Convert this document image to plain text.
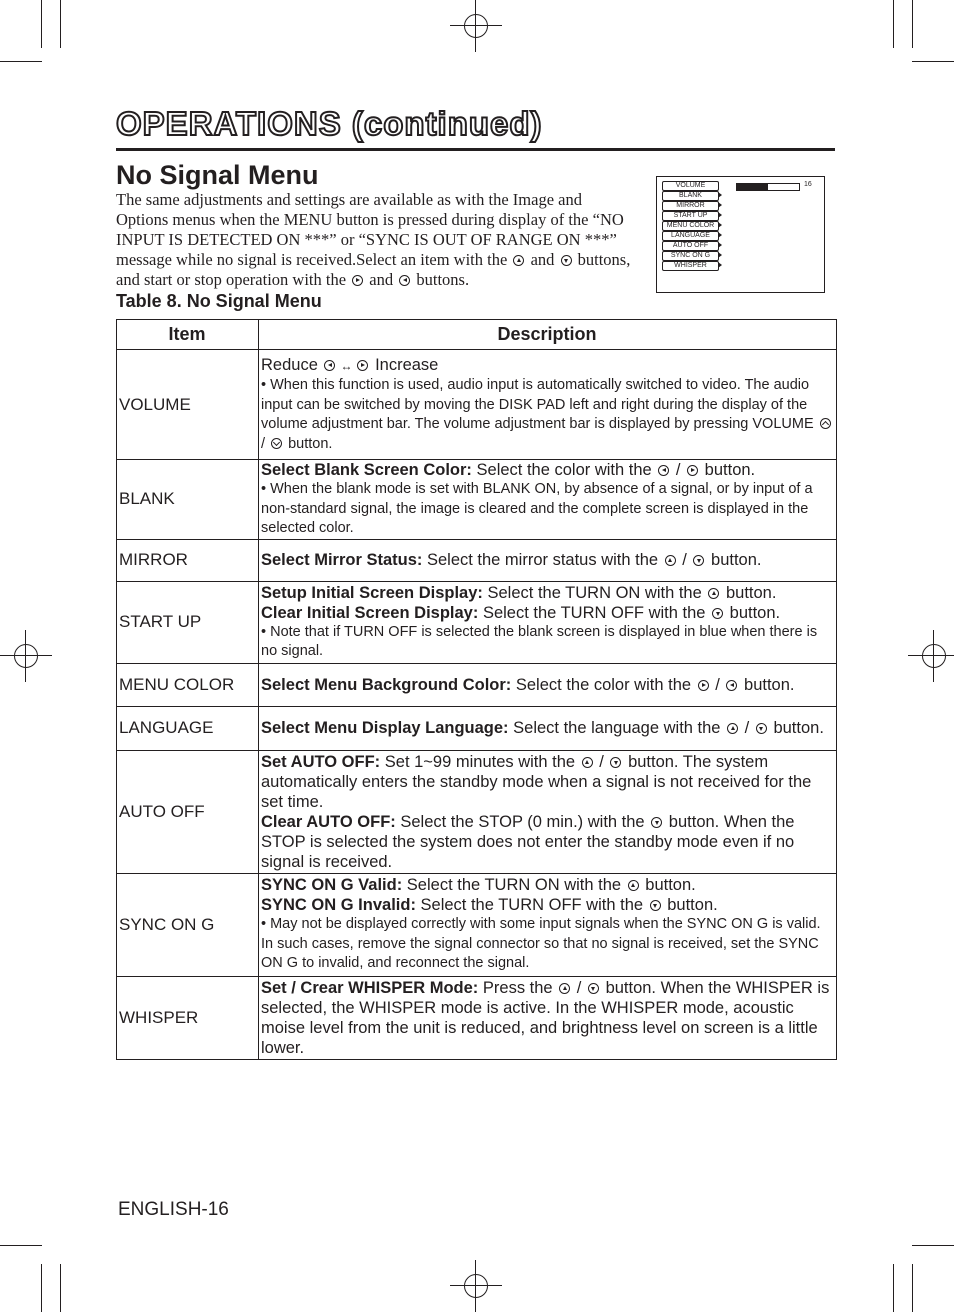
OPERATIONS (continued)
No Signal Menu
The same adjustments and settings are available as with the Image and Options menus when the MENU button is pressed during display of the “NO INPUT IS DETECTED ON ***” or “SYNC IS OUT OF RANGE ON ***” message while no signal is received.Select an item with the and buttons, and start or stop operation with the and buttons.
VOLUME
BLANK
MIRROR
START UP
MENU COLOR
LANGUAGE
AUTO OFF
SYNC ON G
WHISPER
16
Table 8. No Signal Menu
Item	Description
VOLUME	Reduce ↔ Increase
• When this function is used, audio input is automatically switched to video. The audio input can be switched by moving the DISK PAD left and right during the display of the volume adjustment bar. The volume adjustment bar is displayed by pressing VOLUME  / button.

BLANK	Select Blank Screen Color: Select the color with the / button.
• When the blank mode is set with BLANK ON, by absence of a signal, or by input of a non-standard signal, the image is cleared and the complete screen is displayed in the selected color.

MIRROR	Select Mirror Status: Select the mirror status with the / button.
START UP	Setup Initial Screen Display: Select the TURN ON with the button.
Clear Initial Screen Display: Select the TURN OFF with the button.
• Note that if TURN OFF is selected the blank screen is displayed in blue when there is no signal.

MENU COLOR	Select Menu Background Color: Select the color with the / button.
LANGUAGE	Select Menu Display Language: Select the language with the / button.
AUTO OFF	Set AUTO OFF: Set 1~99 minutes with the / button. The system automatically enters the standby mode when a signal is not received for the set time.
Clear AUTO OFF: Select the STOP (0 min.) with the button. When the STOP is selected the system does not enter the standby mode even if no signal is received.

SYNC ON G	SYNC ON G Valid: Select the TURN ON with the button.
SYNC ON G Invalid: Select the TURN OFF with the button.
• May not be displayed correctly with some input signals when the SYNC ON G is valid. In such cases, remove the signal connector so that no signal is received, set the SYNC ON G to invalid, and reconnect the signal.

WHISPER	Set / Crear WHISPER Mode: Press the / button. When the WHISPER is selected, the WHISPER mode is active. In the WHISPER mode, acoustic moise level from the unit is reduced, and brightness level on screen is a little lower.
ENGLISH-16
